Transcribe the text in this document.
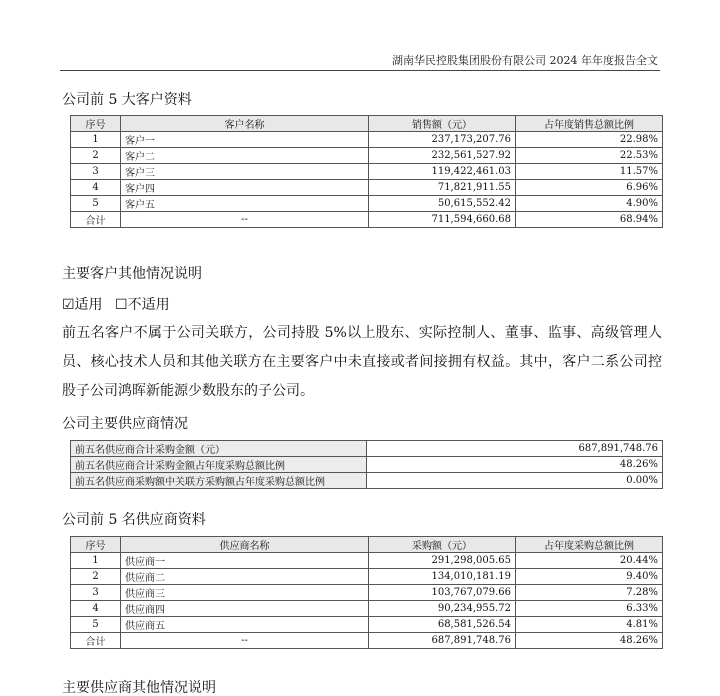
湖南华民控股集团股份有限公司 2024 年年度报告全文
公司前 5 大客户资料
序号	客户名称	销售额（元）	占年度销售总额比例
1	客户一	237,173,207.76	22.98%
2	客户二	232,561,527.92	22.53%
3	客户三	119,422,461.03	11.57%
4	客户四	71,821,911.55	6.96%
5	客户五	50,615,552.42	4.90%
合计	--	711,594,660.68	68.94%
主要客户其他情况说明
☑适用 ☐不适用
前五名客户不属于公司关联方，公司持股 5%以上股东、实际控制人、董事、监事、高级管理人员、核心技术人员和其他关联方在主要客户中未直接或者间接拥有权益。其中，客户二系公司控股子公司鸿晖新能源少数股东的子公司。
公司主要供应商情况
前五名供应商合计采购金额（元）	687,891,748.76
前五名供应商合计采购金额占年度采购总额比例	48.26%
前五名供应商采购额中关联方采购额占年度采购总额比例	0.00%
公司前 5 名供应商资料
序号	供应商名称	采购额（元）	占年度采购总额比例
1	供应商一	291,298,005.65	20.44%
2	供应商二	134,010,181.19	9.40%
3	供应商三	103,767,079.66	7.28%
4	供应商四	90,234,955.72	6.33%
5	供应商五	68,581,526.54	4.81%
合计	--	687,891,748.76	48.26%
主要供应商其他情况说明
